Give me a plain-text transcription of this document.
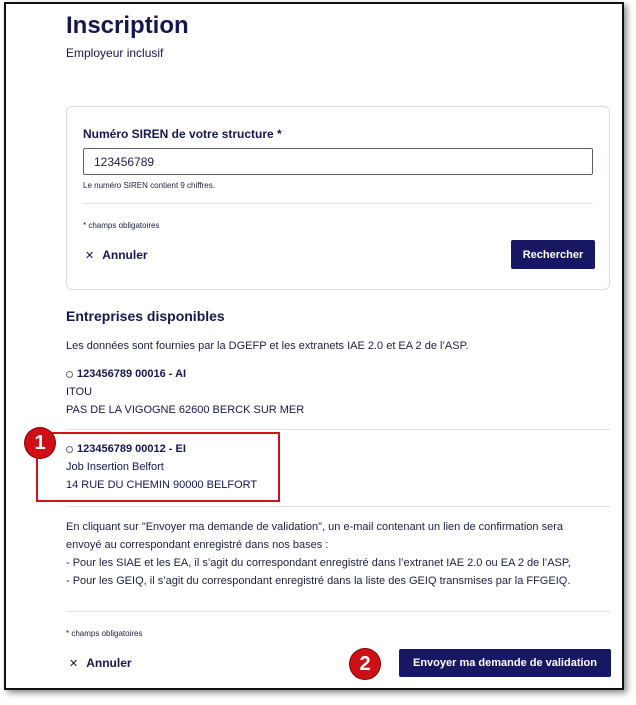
Inscription
Employeur inclusif
Numéro SIREN de votre structure *
123456789
Le numéro SIREN contient 9 chiffres.
* champs obligatoires
✕ Annuler	Rechercher
Entreprises disponibles
Les données sont fournies par la DGEFP et les extranets IAE 2.0 et EA 2 de l’ASP.
123456789 00016 - AI
ITOU
PAS DE LA VIGOGNE 62600 BERCK SUR MER
123456789 00012 - EI
Job Insertion Belfort
14 RUE DU CHEMIN 90000 BELFORT
1

En cliquant sur "Envoyer ma demande de validation", un e-mail contenant un lien de confirmation sera

envoyé au correspondant enregistré dans nos bases :

- Pour les SIAE et les EA, il s’agit du correspondant enregistré dans l’extranet IAE 2.0 ou EA 2 de l’ASP,

- Pour les GEIQ, il s’agit du correspondant enregistré dans la liste des GEIQ transmises par la FFGEIQ.

* champs obligatoires
✕ Annuler	2	Envoyer ma demande de validation
